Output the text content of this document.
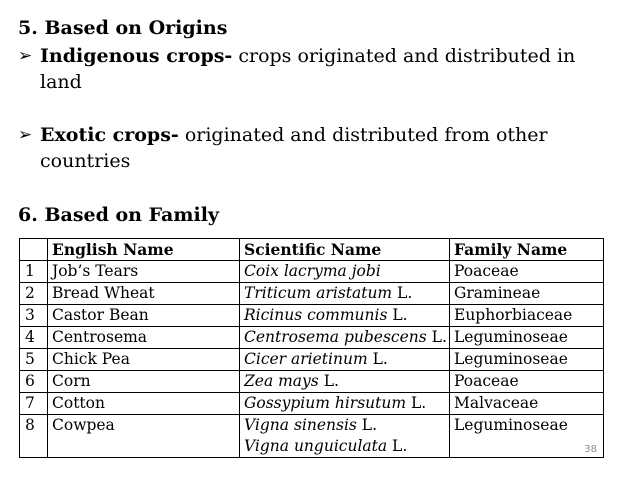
5. Based on Origins
➢ Indigenous crops- crops originated and distributed in land
➢ Exotic crops- originated and distributed from other countries
6. Based on Family
	English Name	Scientific Name	Family Name
1	Job’s Tears	Coix lacryma jobi	Poaceae
2	Bread Wheat	Triticum aristatum L.	Gramineae
3	Castor Bean	Ricinus communis L.	Euphorbiaceae
4	Centrosema	Centrosema pubescens L.	Leguminoseae
5	Chick Pea	Cicer arietinum L.	Leguminoseae
6	Corn	Zea mays L.	Poaceae
7	Cotton	Gossypium hirsutum L.	Malvaceae
8	Cowpea	Vigna sinensis L.
Vigna unguiculata L.	Leguminoseae
38
